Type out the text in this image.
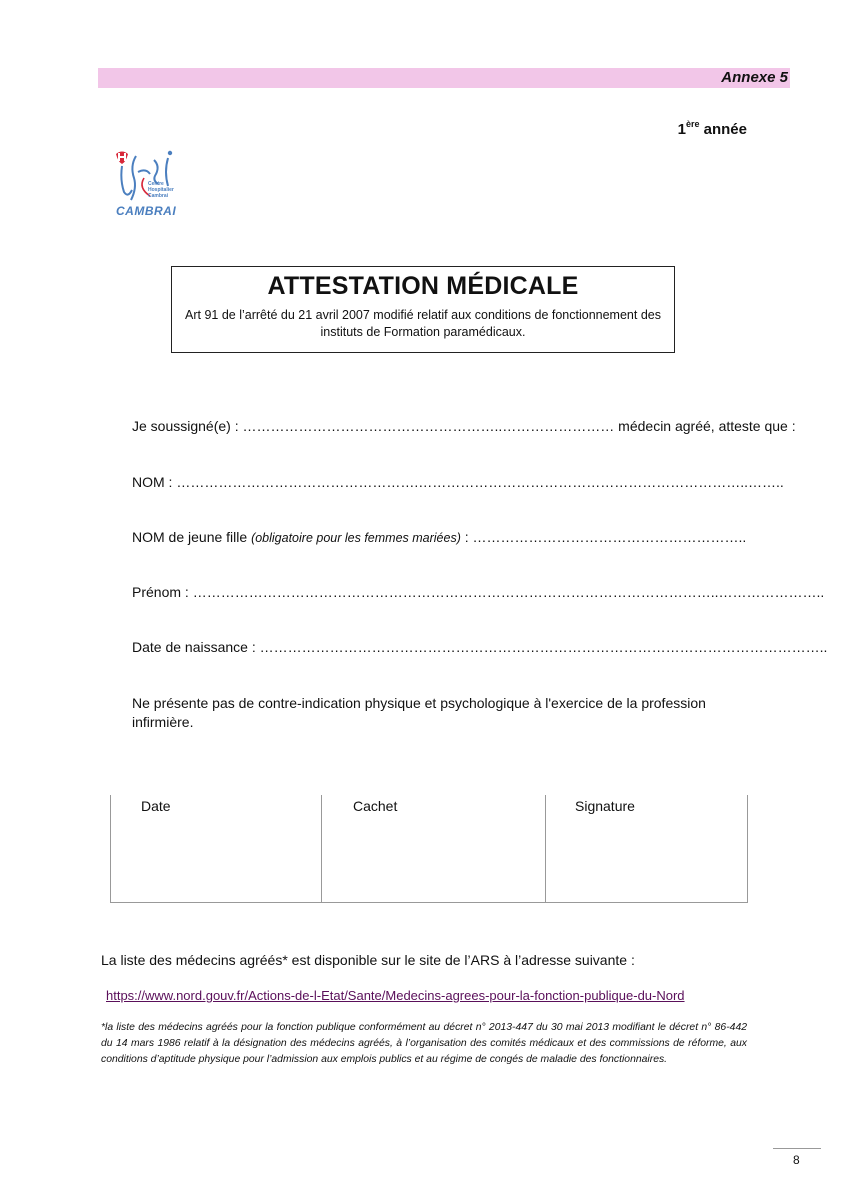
Annexe 5
1ère année
Centre
Hospitalier
Cambrai
CAMBRAI
ATTESTATION MÉDICALE
Art 91 de l’arrêté du 21 avril 2007 modifié relatif aux conditions de fonctionnement des instituts de Formation paramédicaux.
Je soussigné(e) : ………………………………………………..…………………… médecin agréé, atteste que :
NOM : …………………………………………….……………………………………………………………..……..
NOM de jeune fille (obligatoire pour les femmes mariées) : …………………………………………………..
Prénom : …………………………………………………………………………………………………..…………………..
Date de naissance : …………………………………………………………………………………………………………..
Ne présente pas de contre-indication physique et psychologique à l'exercice de la profession infirmière.
Date	Cachet	Signature
La liste des médecins agréés* est disponible sur le site de l’ARS à l’adresse suivante :
https://www.nord.gouv.fr/Actions-de-l-Etat/Sante/Medecins-agrees-pour-la-fonction-publique-du-Nord
*la liste des médecins agréés pour la fonction publique conformément au décret n° 2013-447 du 30 mai 2013 modifiant le décret n° 86-442 du 14 mars 1986 relatif à la désignation des médecins agréés, à l’organisation des comités médicaux et des commissions de réforme, aux conditions d’aptitude physique pour l’admission aux emplois publics et au régime de congés de maladie des fonctionnaires.
8
